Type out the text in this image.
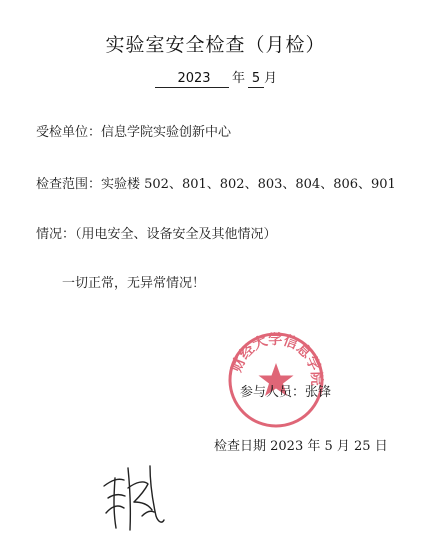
实验室安全检查（月检）
2023 年 5 月
受检单位：信息学院实验创新中心
检查范围：实验楼 502、801、802、803、804、806、901
情况：（用电安全、设备安全及其他情况）
一切正常，无异常情况！
财经大学信息学院
参与人员：张锋
检查日期 2023 年 5 月 25 日
